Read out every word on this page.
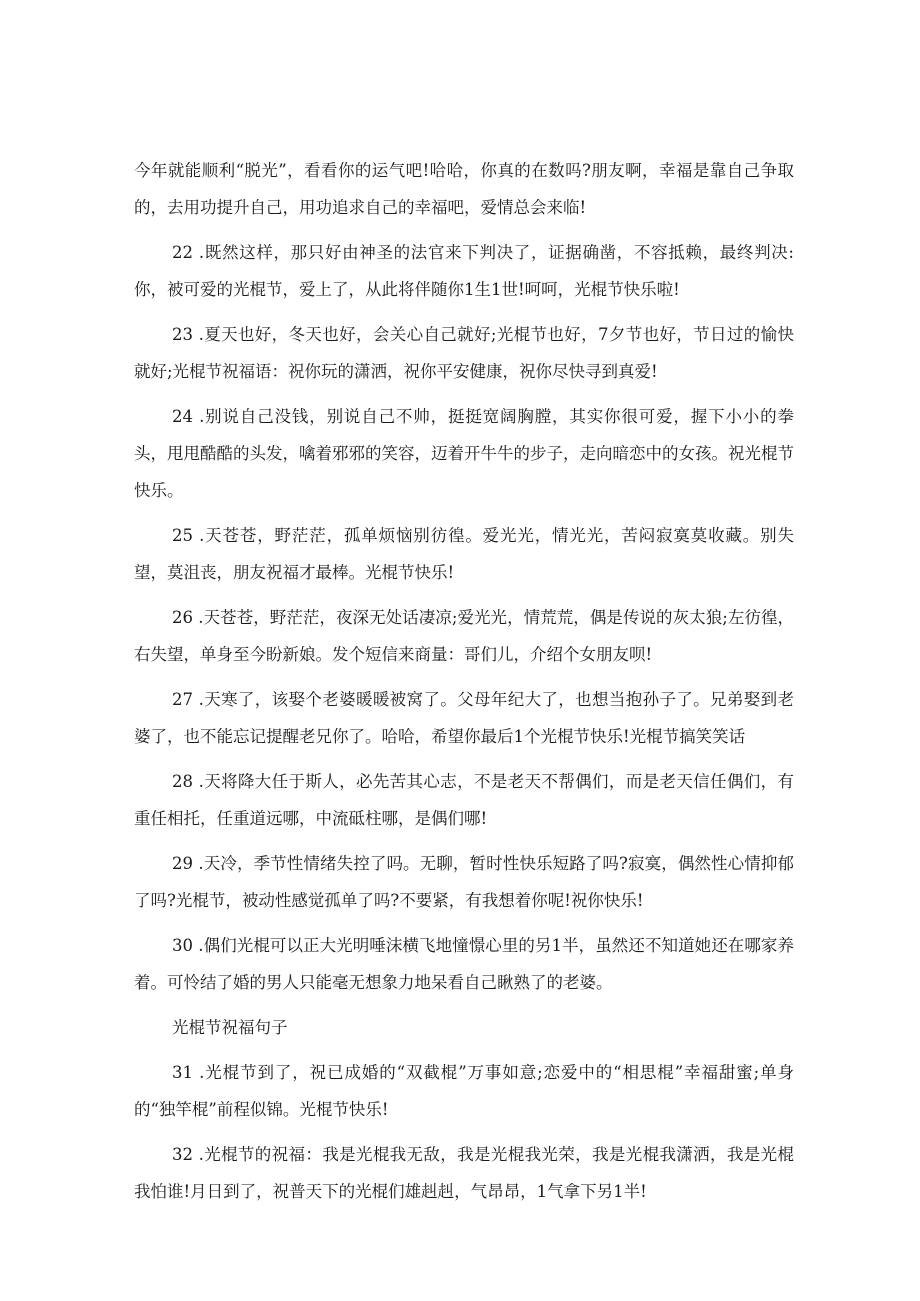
今年就能顺利“脱光”，看看你的运气吧!哈哈，你真的在数吗?朋友啊，幸福是靠自己争取的，去用功提升自己，用功追求自己的幸福吧，爱情总会来临!

22 .既然这样，那只好由神圣的法官来下判决了，证据确凿，不容抵赖，最终判决:你，被可爱的光棍节，爱上了，从此将伴随你1生1世!呵呵，光棍节快乐啦!

23 .夏天也好，冬天也好，会关心自己就好;光棍节也好，7夕节也好，节日过的愉快就好;光棍节祝福语：祝你玩的潇洒，祝你平安健康，祝你尽快寻到真爱!

24 .别说自己没钱，别说自己不帅，挺挺宽阔胸膛，其实你很可爱，握下小小的拳头，甩甩酷酷的头发，噙着邪邪的笑容，迈着开牛牛的步子，走向暗恋中的女孩。祝光棍节快乐。

25 .天苍苍，野茫茫，孤单烦恼别彷徨。爱光光，情光光，苦闷寂寞莫收藏。别失望，莫沮丧，朋友祝福才最棒。光棍节快乐!

26 .天苍苍，野茫茫，夜深无处话凄凉;爱光光，情荒荒，偶是传说的灰太狼;左彷徨，右失望，单身至今盼新娘。发个短信来商量：哥们儿，介绍个女朋友呗!

27 .天寒了，该娶个老婆暖暖被窝了。父母年纪大了，也想当抱孙子了。兄弟娶到老婆了，也不能忘记提醒老兄你了。哈哈，希望你最后1个光棍节快乐!光棍节搞笑笑话

28 .天将降大任于斯人，必先苦其心志，不是老天不帮偶们，而是老天信任偶们，有重任相托，任重道远哪，中流砥柱哪，是偶们哪!

29 .天冷，季节性情绪失控了吗。无聊，暂时性快乐短路了吗?寂寞，偶然性心情抑郁了吗?光棍节，被动性感觉孤单了吗?不要紧，有我想着你呢!祝你快乐!

30 .偶们光棍可以正大光明唾沫横飞地憧憬心里的另1半，虽然还不知道她还在哪家养着。可怜结了婚的男人只能毫无想象力地呆看自己瞅熟了的老婆。

光棍节祝福句子

31 .光棍节到了，祝已成婚的“双截棍”万事如意;恋爱中的“相思棍”幸福甜蜜;单身的“独竿棍”前程似锦。光棍节快乐!

32 .光棍节的祝福：我是光棍我无敌，我是光棍我光荣，我是光棍我潇洒，我是光棍我怕谁!月日到了，祝普天下的光棍们雄赳赳，气昂昂，1气拿下另1半!
